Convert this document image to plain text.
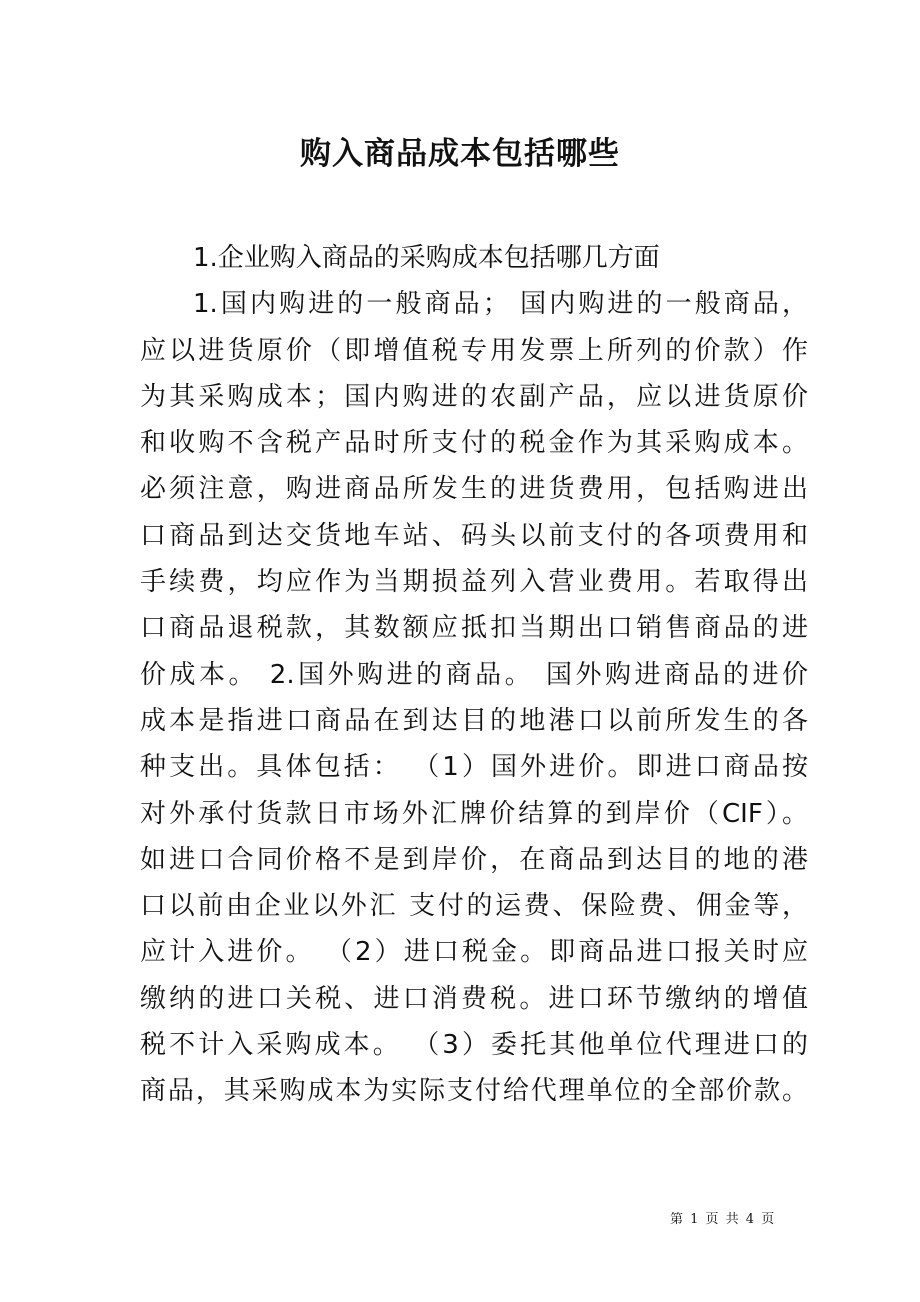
购入商品成本包括哪些
1.企业购入商品的采购成本包括哪几方面
1.国内购进的一般商品； 国内购进的一般商品，
应以进货原价（即增值税专用发票上所列的价款）作
为其采购成本；国内购进的农副产品，应以进货原价
和收购不含税产品时所支付的税金作为其采购成本。
必须注意，购进商品所发生的进货费用，包括购进出
口商品到达交货地车站、码头以前支付的各项费用和
手续费，均应作为当期损益列入营业费用。若取得出
口商品退税款，其数额应抵扣当期出口销售商品的进
价成本。 2.国外购进的商品。 国外购进商品的进价
成本是指进口商品在到达目的地港口以前所发生的各
种支出。具体包括： （1）国外进价。即进口商品按
对外承付货款日市场外汇牌价结算的到岸价（CIF）。
如进口合同价格不是到岸价，在商品到达目的地的港
口以前由企业以外汇 支付的运费、保险费、佣金等，
应计入进价。 （2）进口税金。即商品进口报关时应
缴纳的进口关税、进口消费税。进口环节缴纳的增值
税不计入采购成本。 （3）委托其他单位代理进口的
商品，其采购成本为实际支付给代理单位的全部价款。
第 1 页 共 4 页
